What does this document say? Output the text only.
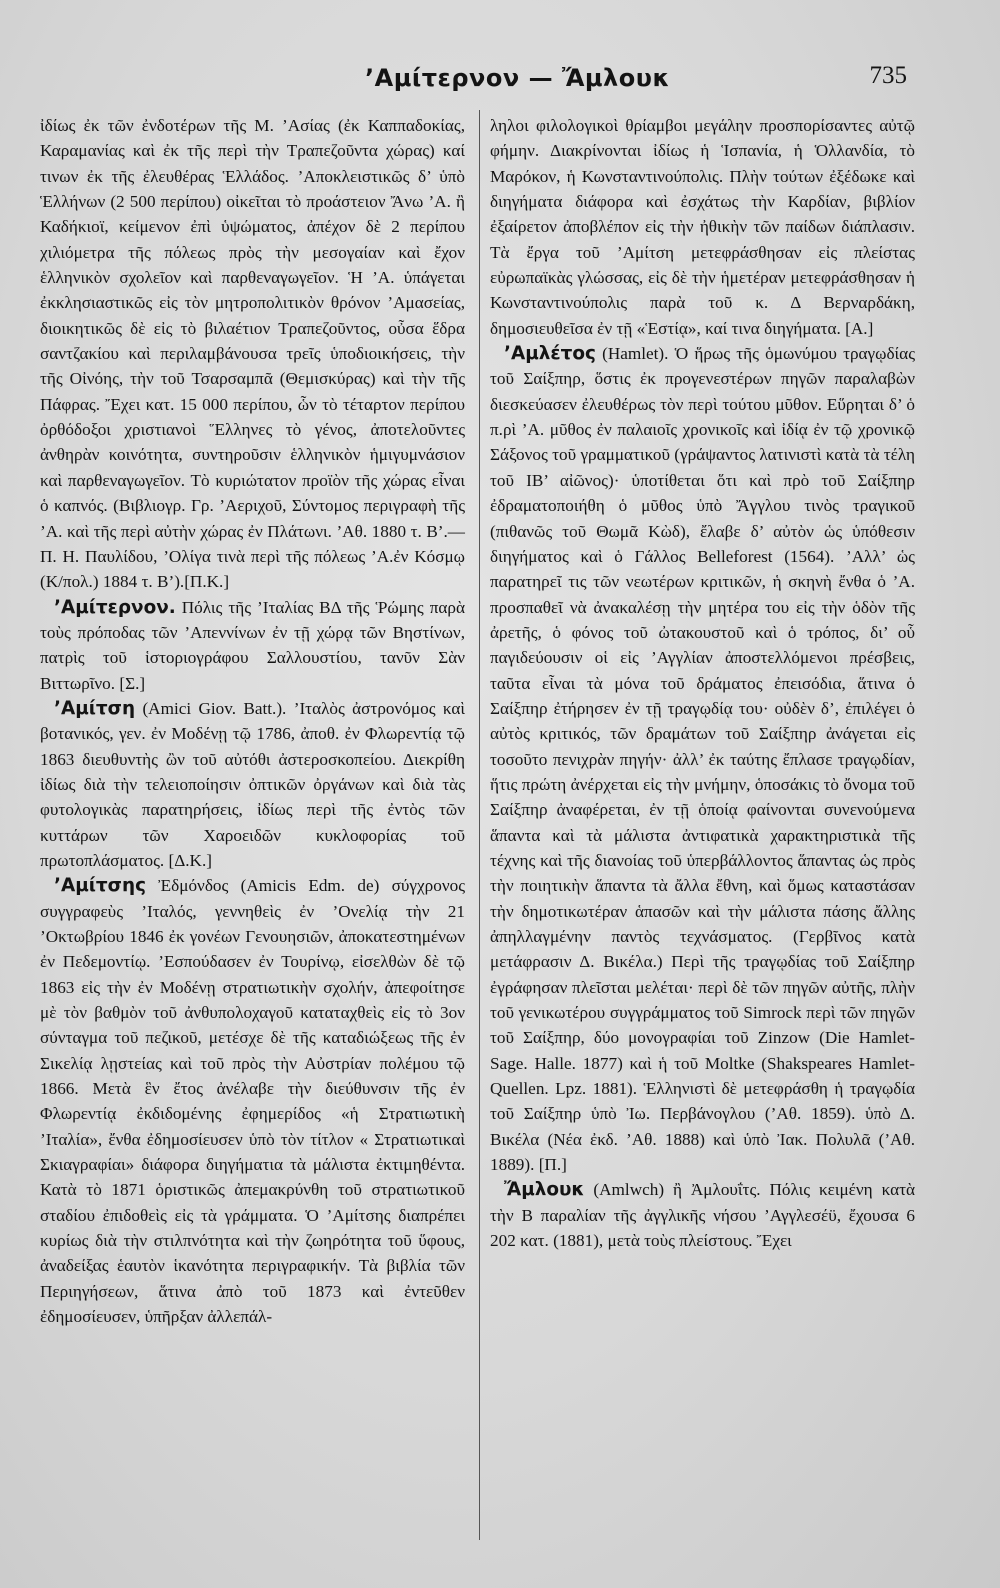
’Αμίτερνον — Ἄμλουκ	735

ἰδίως ἐκ τῶν ἐνδοτέρων τῆς Μ. ’Ασίας (ἐκ Καππαδοκίας, Καραμανίας καὶ ἐκ τῆς περὶ τὴν Τραπεζοῦντα χώρας) καί τινων ἐκ τῆς ἐλευθέρας Ἑλλάδος. ’Αποκλειστικῶς δ’ ὑπὸ Ἑλλήνων (2 500 περίπου) οἰκεῖται τὸ προάστειον Ἄνω ’Α. ἢ Καδήκιοϊ, κείμενον ἐπὶ ὑψώματος, ἀπέχον δὲ 2 περίπου χιλιόμετρα τῆς πόλεως πρὸς τὴν μεσογαίαν καὶ ἔχον ἑλληνικὸν σχολεῖον καὶ παρθεναγωγεῖον. Ἡ ’Α. ὑπάγεται ἐκκλησιαστικῶς εἰς τὸν μητροπολιτικὸν θρόνον ’Αμασείας, διοικητικῶς δὲ εἰς τὸ βιλαέτιον Τραπεζοῦντος, οὖσα ἕδρα σαντζακίου καὶ περιλαμβάνουσα τρεῖς ὑποδιοικήσεις, τὴν τῆς Οἰνόης, τὴν τοῦ Τσαρσαμπᾶ (Θεμισκύρας) καὶ τὴν τῆς Πάφρας. Ἔχει κατ. 15 000 περίπου, ὧν τὸ τέταρτον περίπου ὀρθόδοξοι χριστιανοὶ Ἕλληνες τὸ γένος, ἀποτελοῦντες ἀνθηρὰν κοινότητα, συντηροῦσιν ἑλληνικὸν ἡμιγυμνάσιον καὶ παρθεναγωγεῖον. Τὸ κυριώτατον προϊὸν τῆς χώρας εἶναι ὁ καπνός. (Βιβλιογρ. Γρ. ’Αεριχοῦ, Σύντομος περιγραφὴ τῆς ’Α. καὶ τῆς περὶ αὐτὴν χώρας ἐν Πλάτωνι. ’Αθ. 1880 τ. Β’.— Π. Η. Παυλίδου, ’Ολίγα τινὰ περὶ τῆς πόλεως ’Α.ἐν Κόσμῳ (Κ/πολ.) 1884 τ. Β’).[Π.Κ.]

’Αμίτερνον. Πόλις τῆς ’Ιταλίας ΒΔ τῆς Ῥώμης παρὰ τοὺς πρόποδας τῶν ’Απεννίνων ἐν τῇ χώρᾳ τῶν Βηστίνων, πατρὶς τοῦ ἱστοριογράφου Σαλλουστίου, τανῦν Σὰν Βιττωρῖνο. [Σ.]

’Αμίτση (Amici Giov. Batt.). ’Ιταλὸς ἀστρονόμος καὶ βοτανικός, γεν. ἐν Μοδένῃ τῷ 1786, ἀποθ. ἐν Φλωρεντίᾳ τῷ 1863 διευθυντὴς ὢν τοῦ αὐτόθι ἀστεροσκοπείου. Διεκρίθη ἰδίως διὰ τὴν τελειοποίησιν ὀπτικῶν ὀργάνων καὶ διὰ τὰς φυτολογικὰς παρατηρήσεις, ἰδίως περὶ τῆς ἐντὸς τῶν κυττάρων τῶν Χαροειδῶν κυκλοφορίας τοῦ πρωτοπλάσματος. [Δ.Κ.]

’Αμίτσης Ἐδμόνδος (Amicis Edm. de) σύγχρονος συγγραφεὺς ’Ιταλός, γεννηθεὶς ἐν ’Ονελίᾳ τὴν 21 ’Οκτωβρίου 1846 ἐκ γονέων Γενουησιῶν, ἀποκατεστημένων ἐν Πεδεμοντίῳ. ’Εσπούδασεν ἐν Τουρίνῳ, εἰσελθὼν δὲ τῷ 1863 εἰς τὴν ἐν Μοδένῃ στρατιωτικὴν σχολήν, ἀπεφοίτησε μὲ τὸν βαθμὸν τοῦ ἀνθυπολοχαγοῦ καταταχθεὶς εἰς τὸ 3ον σύνταγμα τοῦ πεζικοῦ, μετέσχε δὲ τῆς καταδιώξεως τῆς ἐν Σικελίᾳ λῃστείας καὶ τοῦ πρὸς τὴν Αὐστρίαν πολέμου τῷ 1866. Μετὰ ἓν ἔτος ἀνέλαβε τὴν διεύθυνσιν τῆς ἐν Φλωρεντίᾳ ἐκδιδομένης ἐφημερίδος «ἡ Στρατιωτικὴ ’Ιταλία», ἔνθα ἐδημοσίευσεν ὑπὸ τὸν τίτλον « Στρατιωτικαὶ Σκιαγραφίαι» διάφορα διηγήματια τὰ μάλιστα ἐκτιμηθέντα. Κατὰ τὸ 1871 ὁριστικῶς ἀπεμακρύνθη τοῦ στρατιωτικοῦ σταδίου ἐπιδοθεὶς εἰς τὰ γράμματα. Ὁ ’Αμίτσης διαπρέπει κυρίως διὰ τὴν στιλπνότητα καὶ τὴν ζωηρότητα τοῦ ὕφους, ἀναδείξας ἑαυτὸν ἱκανότητα περιγραφικήν. Τὰ βιβλία τῶν Περιηγήσεων, ἅτινα ἀπὸ τοῦ 1873 καὶ ἐντεῦθεν ἐδημοσίευσεν, ὑπῆρξαν ἀλλεπάλ-

ληλοι φιλολογικοὶ θρίαμβοι μεγάλην προσπορίσαντες αὐτῷ φήμην. Διακρίνονται ἰδίως ἡ Ἱσπανία, ἡ Ὁλλανδία, τὸ Μαρόκον, ἡ Κωνσταντινούπολις. Πλὴν τούτων ἐξέδωκε καὶ διηγήματα διάφορα καὶ ἐσχάτως τὴν Καρδίαν, βιβλίον ἐξαίρετον ἀποβλέπον εἰς τὴν ἠθικὴν τῶν παίδων διάπλασιν. Τὰ ἔργα τοῦ ’Αμίτση μετεφράσθησαν εἰς πλείστας εὐρωπαϊκὰς γλώσσας, εἰς δὲ τὴν ἡμετέραν μετεφράσθησαν ἡ Κωνσταντινούπολις παρὰ τοῦ κ. Δ Βερναρδάκη, δημοσιευθεῖσα ἐν τῇ «Ἑστίᾳ», καί τινα διηγήματα. [Α.]

’Αμλέτος (Hamlet). Ὁ ἥρως τῆς ὁμωνύμου τραγῳδίας τοῦ Σαίξπηρ, ὅστις ἐκ προγενεστέρων πηγῶν παραλαβὼν διεσκεύασεν ἐλευθέρως τὸν περὶ τούτου μῦθον. Εὕρηται δ’ ὁ π.ρὶ ’Α. μῦθος ἐν παλαιοῖς χρονικοῖς καὶ ἰδίᾳ ἐν τῷ χρονικῷ Σάξονος τοῦ γραμματικοῦ (γράψαντος λατινιστὶ κατὰ τὰ τέλη τοῦ ΙΒ’ αἰῶνος)· ὑποτίθεται ὅτι καὶ πρὸ τοῦ Σαίξπηρ ἐδραματοποιήθη ὁ μῦθος ὑπὸ Ἄγγλου τινὸς τραγικοῦ (πιθανῶς τοῦ Θωμᾶ Κὼδ), ἔλαβε δ’ αὐτὸν ὡς ὑπόθεσιν διηγήματος καὶ ὁ Γάλλος Belleforest (1564). ’Αλλ’ ὡς παρατηρεῖ τις τῶν νεωτέρων κριτικῶν, ἡ σκηνὴ ἔνθα ὁ ’Α. προσπαθεῖ νὰ ἀνακαλέσῃ τὴν μητέρα του εἰς τὴν ὁδὸν τῆς ἀρετῆς, ὁ φόνος τοῦ ὠτακουστοῦ καὶ ὁ τρόπος, δι’ οὗ παγιδεύουσιν οἱ εἰς ’Αγγλίαν ἀποστελλόμενοι πρέσβεις, ταῦτα εἶναι τὰ μόνα τοῦ δράματος ἐπεισόδια, ἅτινα ὁ Σαίξπηρ ἐτήρησεν ἐν τῇ τραγῳδίᾳ του· οὐδὲν δ’, ἐπιλέγει ὁ αὐτὸς κριτικός, τῶν δραμάτων τοῦ Σαίξπηρ ἀνάγεται εἰς τοσοῦτο πενιχρὰν πηγήν· ἀλλ’ ἐκ ταύτης ἔπλασε τραγῳδίαν, ἥτις πρώτη ἀνέρχεται εἰς τὴν μνήμην, ὁποσάκις τὸ ὄνομα τοῦ Σαίξπηρ ἀναφέρεται, ἐν τῇ ὁποίᾳ φαίνονται συνενούμενα ἅπαντα καὶ τὰ μάλιστα ἀντιφατικὰ χαρακτηριστικὰ τῆς τέχνης καὶ τῆς διανοίας τοῦ ὑπερβάλλοντος ἅπαντας ὡς πρὸς τὴν ποιητικὴν ἅπαντα τὰ ἄλλα ἔθνη, καὶ ὅμως καταστάσαν τὴν δημοτικωτέραν ἁπασῶν καὶ τὴν μάλιστα πάσης ἄλλης ἀπηλλαγμένην παντὸς τεχνάσματος. (Γερβῖνος κατὰ μετάφρασιν Δ. Βικέλα.) Περὶ τῆς τραγῳδίας τοῦ Σαίξπηρ ἐγράφησαν πλεῖσται μελέται· περὶ δὲ τῶν πηγῶν αὐτῆς, πλὴν τοῦ γενικωτέρου συγγράμματος τοῦ Simrock περὶ τῶν πηγῶν τοῦ Σαίξπηρ, δύο μονογραφίαι τοῦ Zinzow (Die Hamlet-Sage. Halle. 1877) καὶ ἡ τοῦ Moltke (Shakspeares Hamlet-Quellen. Lpz. 1881). Ἑλληνιστὶ δὲ μετεφράσθη ἡ τραγῳδία τοῦ Σαίξπηρ ὑπὸ Ἰω. Περβάνογλου (’Αθ. 1859). ὑπὸ Δ. Βικέλα (Νέα ἐκδ. ’Αθ. 1888) καὶ ὑπὸ Ἰακ. Πολυλᾶ (’Αθ. 1889). [Π.]

Ἄμλουκ (Amlwch) ἢ Ἀμλουΐτς. Πόλις κειμένη κατὰ τὴν Β παραλίαν τῆς ἀγγλικῆς νήσου ’Αγγλεσέϋ, ἔχουσα 6 202 κατ. (1881), μετὰ τοὺς πλείστους. Ἔχει
